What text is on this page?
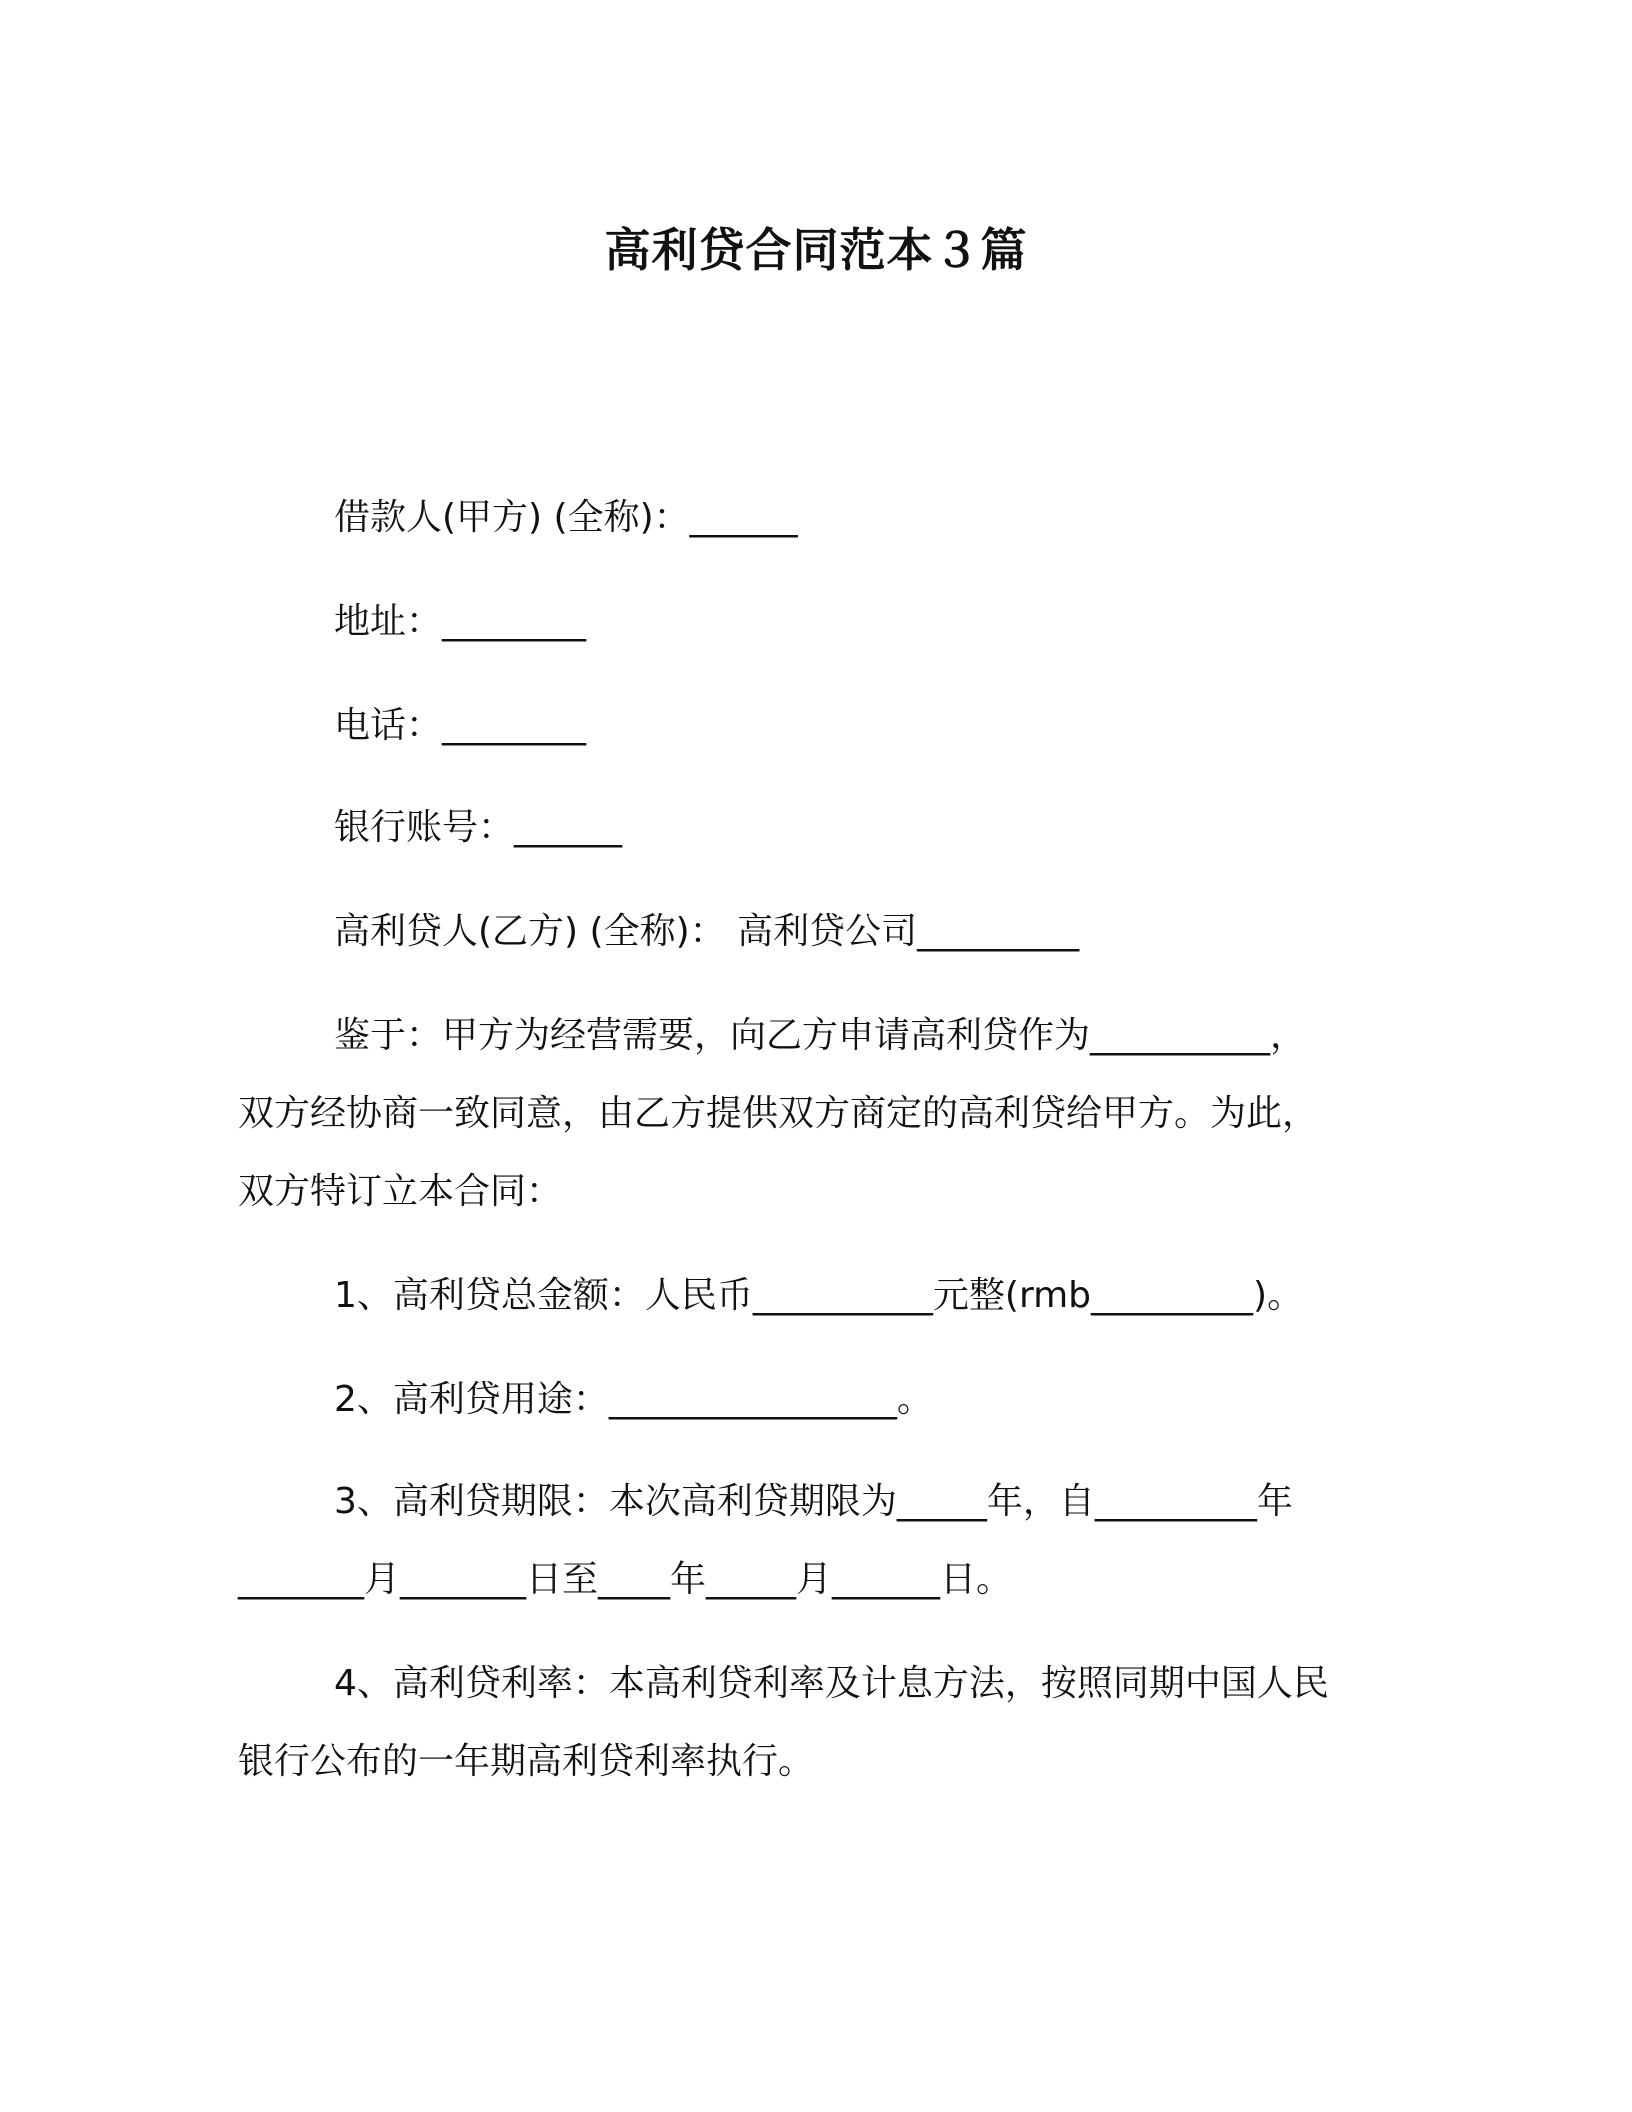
高利贷合同范本３篇
借款人(甲方) (全称)：______
地址：________
电话：________
银行账号：______
高利贷人(乙方) (全称)： 高利贷公司_________
鉴于：甲方为经营需要，向乙方申请高利贷作为__________，
双方经协商一致同意，由乙方提供双方商定的高利贷给甲方。为此，
双方特订立本合同：
1、高利贷总金额：人民币__________元整(rmb_________)。
2、高利贷用途：________________。
3、高利贷期限：本次高利贷期限为_____年，自_________年
_______月_______日至____年_____月______日。
4、高利贷利率：本高利贷利率及计息方法，按照同期中国人民
银行公布的一年期高利贷利率执行。
